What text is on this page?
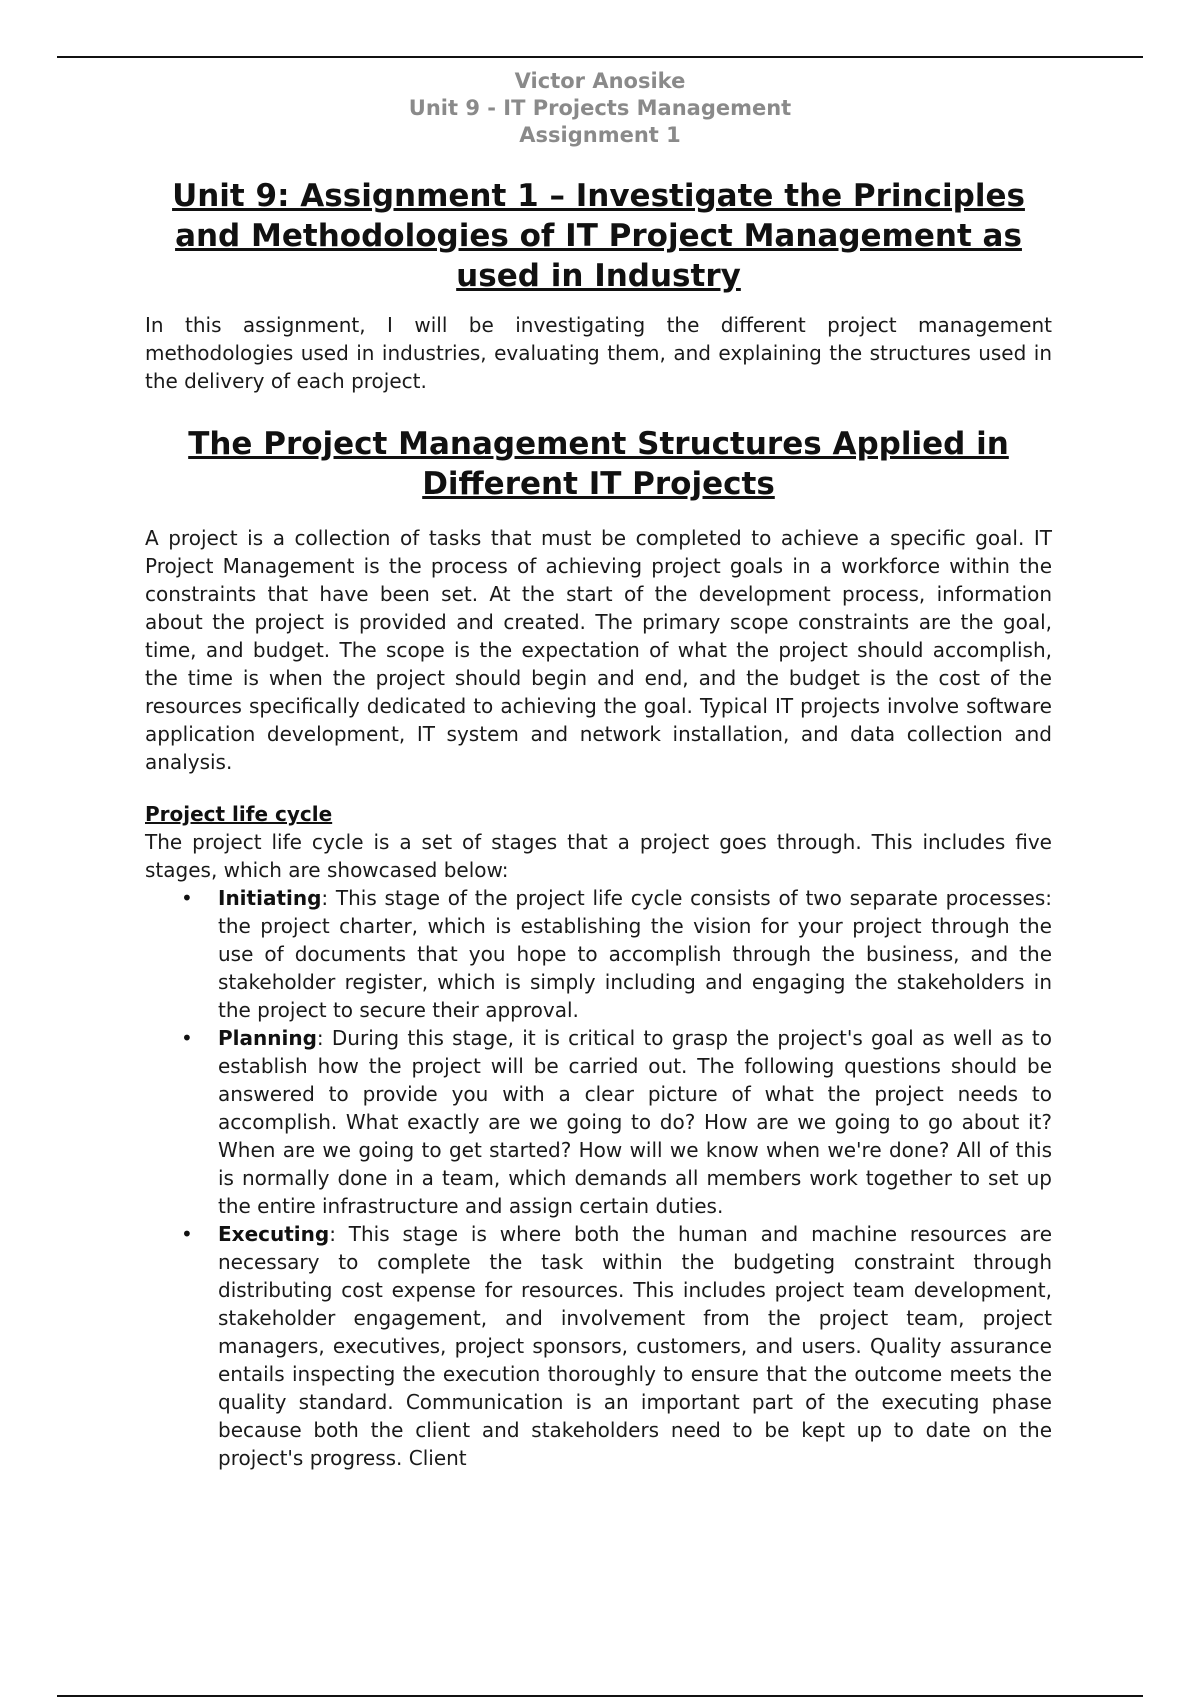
Victor Anosike
Unit 9 - IT Projects Management
Assignment 1
Unit 9: Assignment 1 – Investigate the Principles and Methodologies of IT Project Management as used in Industry

In this assignment, I will be investigating the different project management methodologies used in industries, evaluating them, and explaining the structures used in the delivery of each project.

The Project Management Structures Applied in Different IT Projects

A project is a collection of tasks that must be completed to achieve a specific goal. IT Project Management is the process of achieving project goals in a workforce within the constraints that have been set. At the start of the development process, information about the project is provided and created. The primary scope constraints are the goal, time, and budget. The scope is the expectation of what the project should accomplish, the time is when the project should begin and end, and the budget is the cost of the resources specifically dedicated to achieving the goal. Typical IT projects involve software application development, IT system and network installation, and data collection and analysis.

Project life cycle

The project life cycle is a set of stages that a project goes through. This includes five stages, which are showcased below:

• Initiating: This stage of the project life cycle consists of two separate processes: the project charter, which is establishing the vision for your project through the use of documents that you hope to accomplish through the business, and the stakeholder register, which is simply including and engaging the stakeholders in the project to secure their approval.
• Planning: During this stage, it is critical to grasp the project's goal as well as to establish how the project will be carried out. The following questions should be answered to provide you with a clear picture of what the project needs to accomplish. What exactly are we going to do? How are we going to go about it? When are we going to get started? How will we know when we're done? All of this is normally done in a team, which demands all members work together to set up the entire infrastructure and assign certain duties.
• Executing: This stage is where both the human and machine resources are necessary to complete the task within the budgeting constraint through distributing cost expense for resources. This includes project team development, stakeholder engagement, and involvement from the project team, project managers, executives, project sponsors, customers, and users. Quality assurance entails inspecting the execution thoroughly to ensure that the outcome meets the quality standard. Communication is an important part of the executing phase because both the client and stakeholders need to be kept up to date on the project's progress. Client
